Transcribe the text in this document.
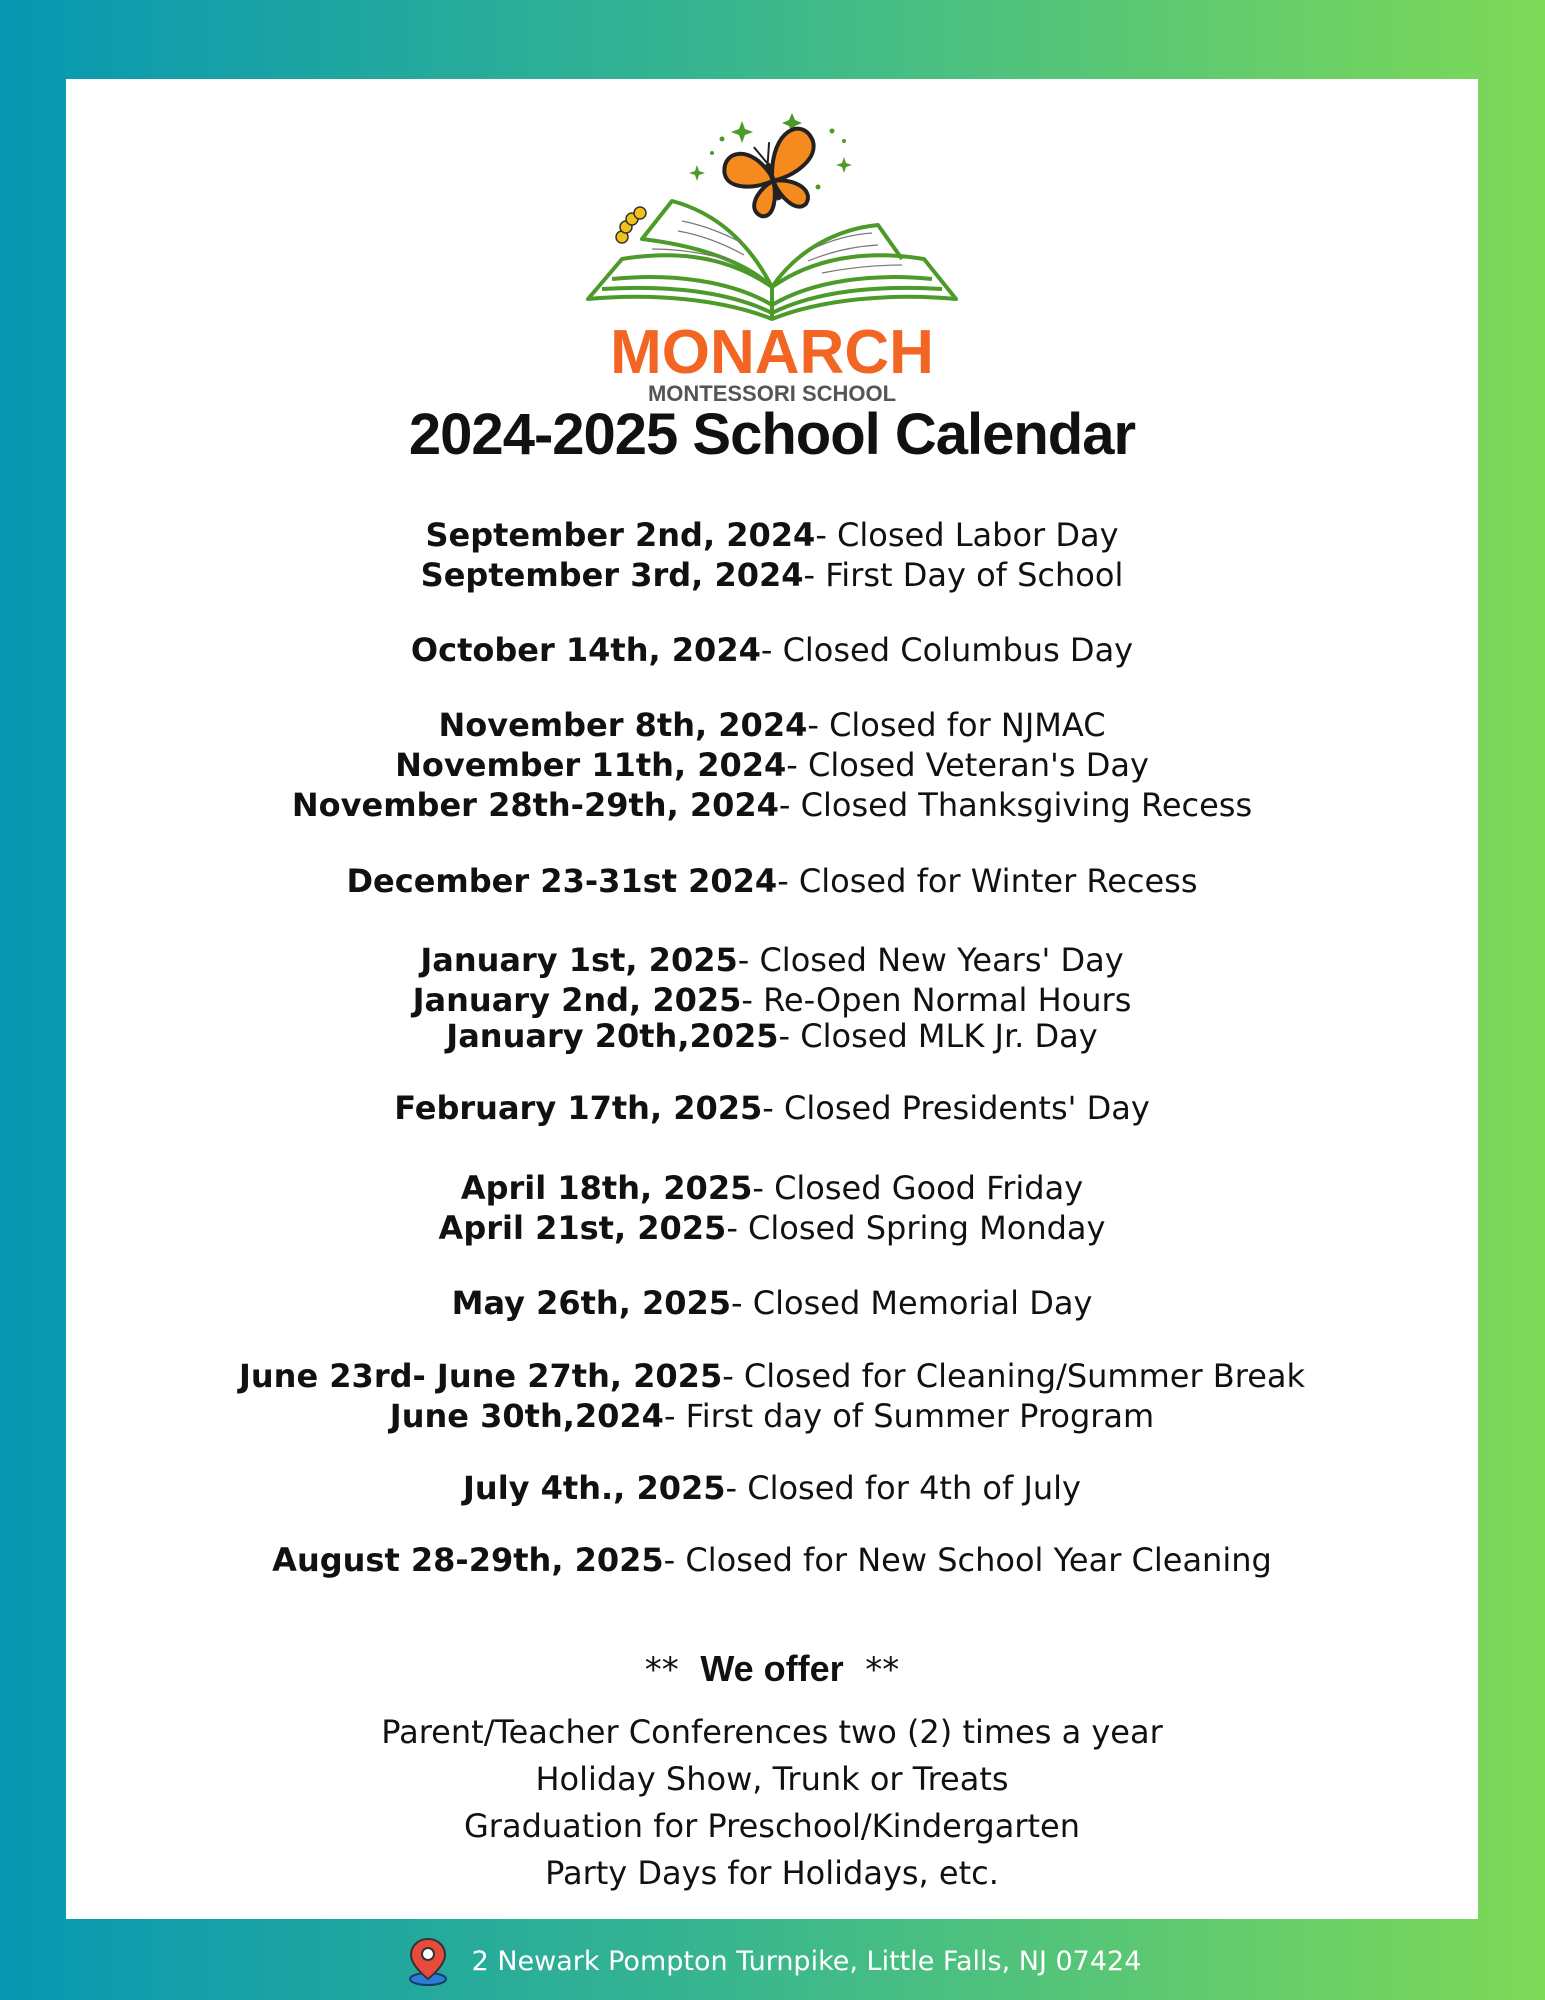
MONARCH
MONTESSORI SCHOOL
2024-2025 School Calendar
September 2nd, 2024- Closed Labor Day
September 3rd, 2024- First Day of School
October 14th, 2024- Closed Columbus Day
November 8th, 2024- Closed for NJMAC
November 11th, 2024- Closed Veteran's Day
November 28th-29th, 2024- Closed Thanksgiving Recess
December 23-31st 2024- Closed for Winter Recess
January 1st, 2025- Closed New Years' Day
January 2nd, 2025- Re-Open Normal Hours
January 20th,2025- Closed MLK Jr. Day
February 17th, 2025- Closed Presidents' Day
April 18th, 2025- Closed Good Friday
April 21st, 2025- Closed Spring Monday
May 26th, 2025- Closed Memorial Day
June 23rd- June 27th, 2025- Closed for Cleaning/Summer Break
June 30th,2024- First day of Summer Program
July 4th., 2025- Closed for 4th of July
August 28-29th, 2025- Closed for New School Year Cleaning
** We offer **
Parent/Teacher Conferences two (2) times a year
Holiday Show, Trunk or Treats
Graduation for Preschool/Kindergarten
Party Days for Holidays, etc.
2 Newark Pompton Turnpike, Little Falls, NJ 07424
